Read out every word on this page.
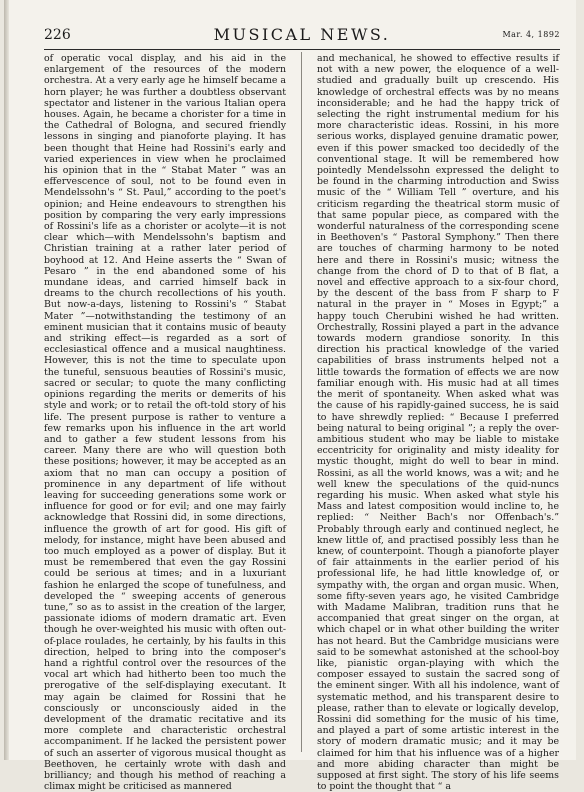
226	MUSICAL NEWS.	Mar. 4, 1892

of operatic vocal display, and his aid in the enlargement of the resources of the modern orchestra. At a very early age he himself became a horn player; he was further a doubtless observant spectator and listener in the various Italian opera houses. Again, he became a chorister for a time in the Cathedral of Bologna, and secured friendly lessons in singing and pianoforte playing. It has been thought that Heine had Rossini's early and varied experiences in view when he proclaimed his opinion that in the “ Stabat Mater ” was an effervescence of soul, not to be found even in Mendelssohn's “ St. Paul,” according to the poet's opinion; and Heine endeavours to strengthen his position by comparing the very early impressions of Rossini's life as a chorister or acolyte—it is not clear which—with Mendelssohn's baptism and Christian training at a rather later period of boyhood at 12. And Heine asserts the “ Swan of Pesaro ” in the end abandoned some of his mundane ideas, and carried himself back in dreams to the church recollections of his youth. But now-a-days, listening to Rossini's “ Stabat Mater ”—notwithstanding the testimony of an eminent musician that it contains music of beauty and striking effect—is regarded as a sort of ecclesiastical offence and a musical naughtiness. However, this is not the time to speculate upon the tuneful, sensuous beauties of Rossini's music, sacred or secular; to quote the many conflicting opinions regarding the merits or demerits of his style and work; or to retail the oft-told story of his life. The present purpose is rather to venture a few remarks upon his influence in the art world and to gather a few student lessons from his career. Many there are who will question both these positions; however, it may be accepted as an axiom that no man can occupy a position of prominence in any department of life without leaving for succeeding generations some work or influence for good or for evil; and one may fairly acknowledge that Rossini did, in some directions, influence the growth of art for good. His gift of melody, for instance, might have been abused and too much employed as a power of display. But it must be remembered that even the gay Rossini could be serious at times; and in a luxuriant fashion he enlarged the scope of tunefulness, and developed the “ sweeping accents of generous tune,” so as to assist in the creation of the larger, passionate idioms of modern dramatic art. Even though he over-weighted his music with often out-of-place roulades, he certainly, by his faults in this direction, helped to bring into the composer's hand a rightful control over the resources of the vocal art which had hitherto been too much the prerogative of the self-displaying executant. It may again be claimed for Rossini that he consciously or unconsciously aided in the development of the dramatic recitative and its more complete and characteristic orchestral accompaniment. If he lacked the persistent power of such an asserter of vigorous musical thought as Beethoven, he certainly wrote with dash and brilliancy; and though his method of reaching a climax might be criticised as mannered

and mechanical, he showed to effective results if not with a new power, the eloquence of a well-studied and gradually built up crescendo. His knowledge of orchestral effects was by no means inconsiderable; and he had the happy trick of selecting the right instrumental medium for his more characteristic ideas. Rossini, in his more serious works, displayed genuine dramatic power, even if this power smacked too decidedly of the conventional stage. It will be remembered how pointedly Mendelssohn expressed the delight to be found in the charming introduction and Swiss music of the “ William Tell ” overture, and his criticism regarding the theatrical storm music of that same popular piece, as compared with the wonderful naturalness of the corresponding scene in Beethoven's “ Pastoral Symphony.” Then there are touches of charming harmony to be noted here and there in Rossini's music; witness the change from the chord of D to that of B flat, a novel and effective approach to a six-four chord, by the descent of the bass from F sharp to F natural in the prayer in “ Moses in Egypt;” a happy touch Cherubini wished he had written. Orchestrally, Rossini played a part in the advance towards modern grandiose sonority. In this direction his practical knowledge of the varied capabilities of brass instruments helped not a little towards the formation of effects we are now familiar enough with. His music had at all times the merit of spontaneity. When asked what was the cause of his rapidly-gained success, he is said to have shrewdly replied: “ Because I preferred being natural to being original ”; a reply the over-ambitious student who may be liable to mistake eccentricity for originality and misty ideality for mystic thought, might do well to bear in mind. Rossini, as all the world knows, was a wit; and he well knew the speculations of the quid-nuncs regarding his music. When asked what style his Mass and latest composition would incline to, he replied: “ Neither Bach's nor Offenbach's.” Probably through early and continued neglect, he knew little of, and practised possibly less than he knew, of counterpoint. Though a pianoforte player of fair attainments in the earlier period of his professional life, he had little knowledge of, or sympathy with, the organ and organ music. When, some fifty-seven years ago, he visited Cambridge with Madame Malibran, tradition runs that he accompanied that great singer on the organ, at which chapel or in what other building the writer has not heard. But the Cambridge musicians were said to be somewhat astonished at the school-boy like, pianistic organ-playing with which the composer essayed to sustain the sacred song of the eminent singer. With all his indolence, want of systematic method, and his transparent desire to please, rather than to elevate or logically develop, Rossini did something for the music of his time, and played a part of some artistic interest in the story of modern dramatic music; and it may be claimed for him that his influence was of a higher and more abiding character than might be supposed at first sight. The story of his life seems to point the thought that “ a
